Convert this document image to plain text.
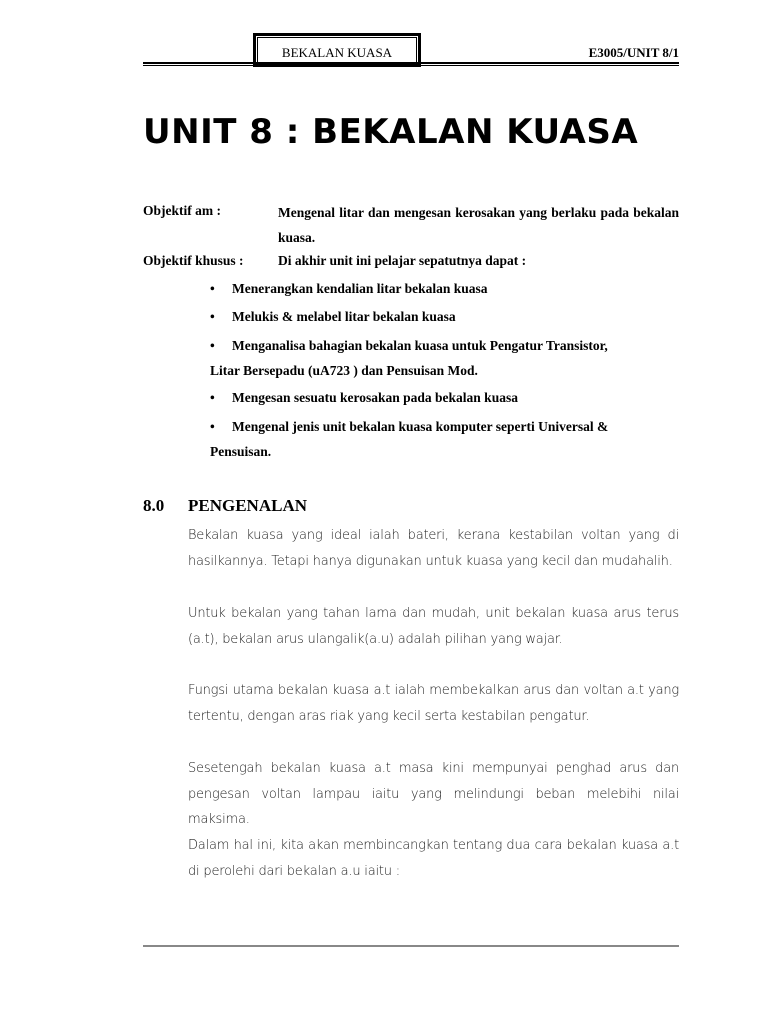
BEKALAN KUASA	E3005/UNIT 8/1
UNIT 8 : BEKALAN KUASA
Objektif am :	Mengenal litar dan mengesan kerosakan yang berlaku pada bekalan kuasa.
Objektif khusus :	Di akhir unit ini pelajar sepatutnya dapat :
• Menerangkan kendalian litar bekalan kuasa
• Melukis & melabel litar bekalan kuasa
• Menganalisa bahagian bekalan kuasa untuk Pengatur Transistor,
Litar Bersepadu (uA723 ) dan Pensuisan Mod.
• Mengesan sesuatu kerosakan pada bekalan kuasa
• Mengenal jenis unit bekalan kuasa komputer seperti Universal &
Pensuisan.
8.0 PENGENALAN
Bekalan kuasa yang ideal ialah bateri, kerana kestabilan voltan yang di hasilkannya. Tetapi hanya digunakan untuk kuasa yang kecil dan mudahalih.
Untuk bekalan yang tahan lama dan mudah, unit bekalan kuasa arus terus (a.t), bekalan arus ulangalik(a.u) adalah pilihan yang wajar.
Fungsi utama bekalan kuasa a.t ialah membekalkan arus dan voltan a.t yang tertentu, dengan aras riak yang kecil serta kestabilan pengatur.
Sesetengah bekalan kuasa a.t masa kini mempunyai penghad arus dan pengesan voltan lampau iaitu yang melindungi beban melebihi nilai maksima.
Dalam hal ini, kita akan membincangkan tentang dua cara bekalan kuasa a.t di perolehi dari bekalan a.u iaitu :
